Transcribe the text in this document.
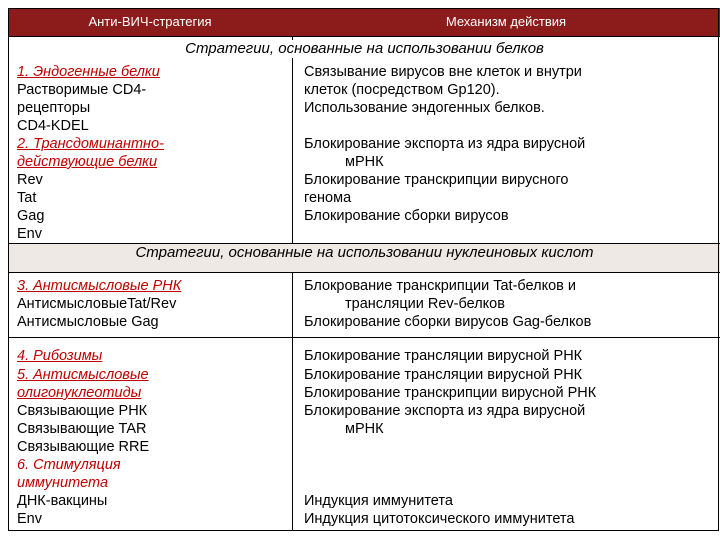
Анти-ВИЧ-стратегия	Механизм действия
Стратегии, основанные на использовании белков
Стратегии, основанные на использовании нуклеиновых кислот
1. Эндогенные белки
Растворимые CD4-
рецепторы
CD4-KDEL
2. Трансдоминантно-
действующие белки
Rev
Tat
Gag
Env
3. Антисмысловые РНК
АнтисмысловыеTat/Rev
Антисмысловые Gag
4. Рибозимы
5. Антисмысловые
олигонуклеотиды
Связывающие РНК
Связывающие TAR
Связывающие RRE
6. Стимуляция
иммунитета
ДНК-вакцины
Env
Связывание вирусов вне клеток и внутри
клеток (посредством Gp120).
Использование эндогенных белков.
Блокирование экспорта из ядра вирусной
мРНК
Блокирование транскрипции вирусного
генома
Блокирование сборки вирусов
Блокрование транскрипции Tat-белков и
трансляции Rev-белков
Блокирование сборки вирусов Gag-белков
Блокирование трансляции вирусной РНК
Блокирование трансляции вирусной РНК
Блокирование транскрипции вирусной РНК
Блокирование экспорта из ядра вирусной
мРНК
Индукция иммунитета
Индукция цитотоксического иммунитета
